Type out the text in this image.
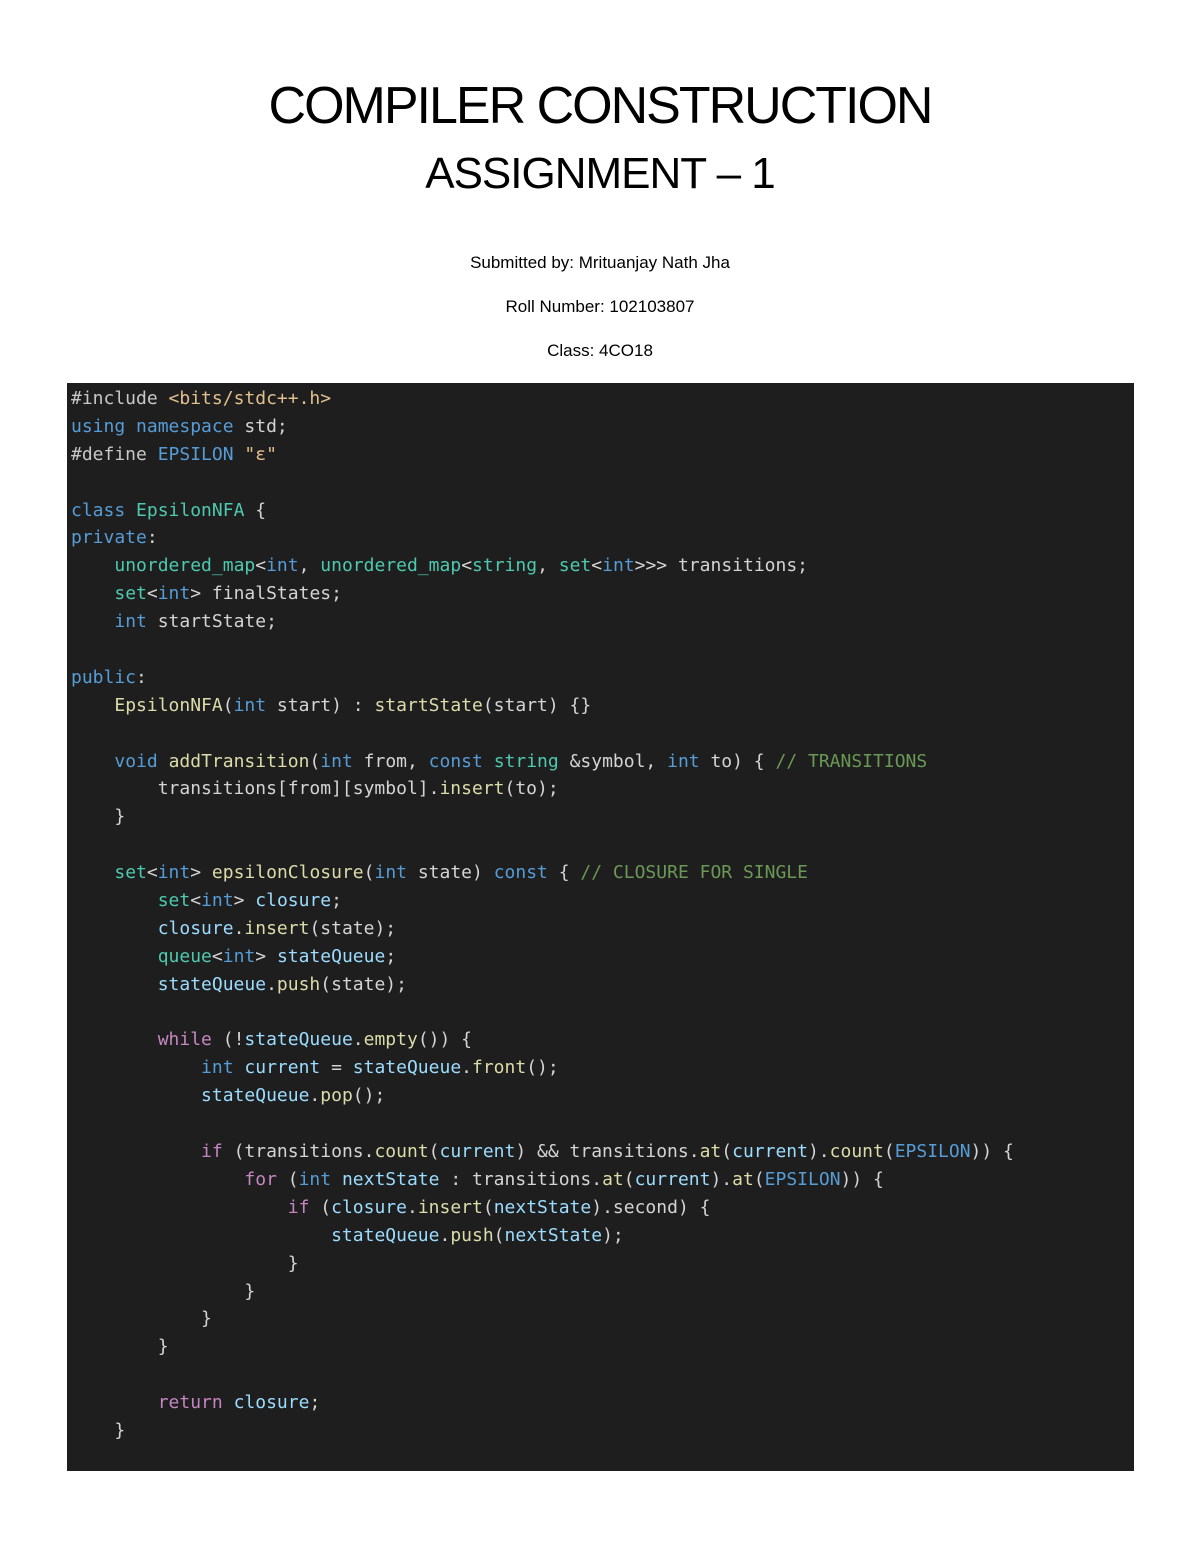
COMPILER CONSTRUCTION
ASSIGNMENT – 1
Submitted by: Mrituanjay Nath Jha
Roll Number: 102103807
Class: 4CO18
#include <bits/stdc++.h>
using namespace std;
#define EPSILON "ε"
class EpsilonNFA {
private:
unordered_map<int, unordered_map<string, set<int>>> transitions;
set<int> finalStates;
int startState;
public:
EpsilonNFA(int start) : startState(start) {}
void addTransition(int from, const string &symbol, int to) { // TRANSITIONS
transitions[from][symbol].insert(to);
}
set<int> epsilonClosure(int state) const { // CLOSURE FOR SINGLE
set<int> closure;
closure.insert(state);
queue<int> stateQueue;
stateQueue.push(state);
while (!stateQueue.empty()) {
int current = stateQueue.front();
stateQueue.pop();
if (transitions.count(current) && transitions.at(current).count(EPSILON)) {
for (int nextState : transitions.at(current).at(EPSILON)) {
if (closure.insert(nextState).second) {
stateQueue.push(nextState);
}
}
}
}
return closure;
}
